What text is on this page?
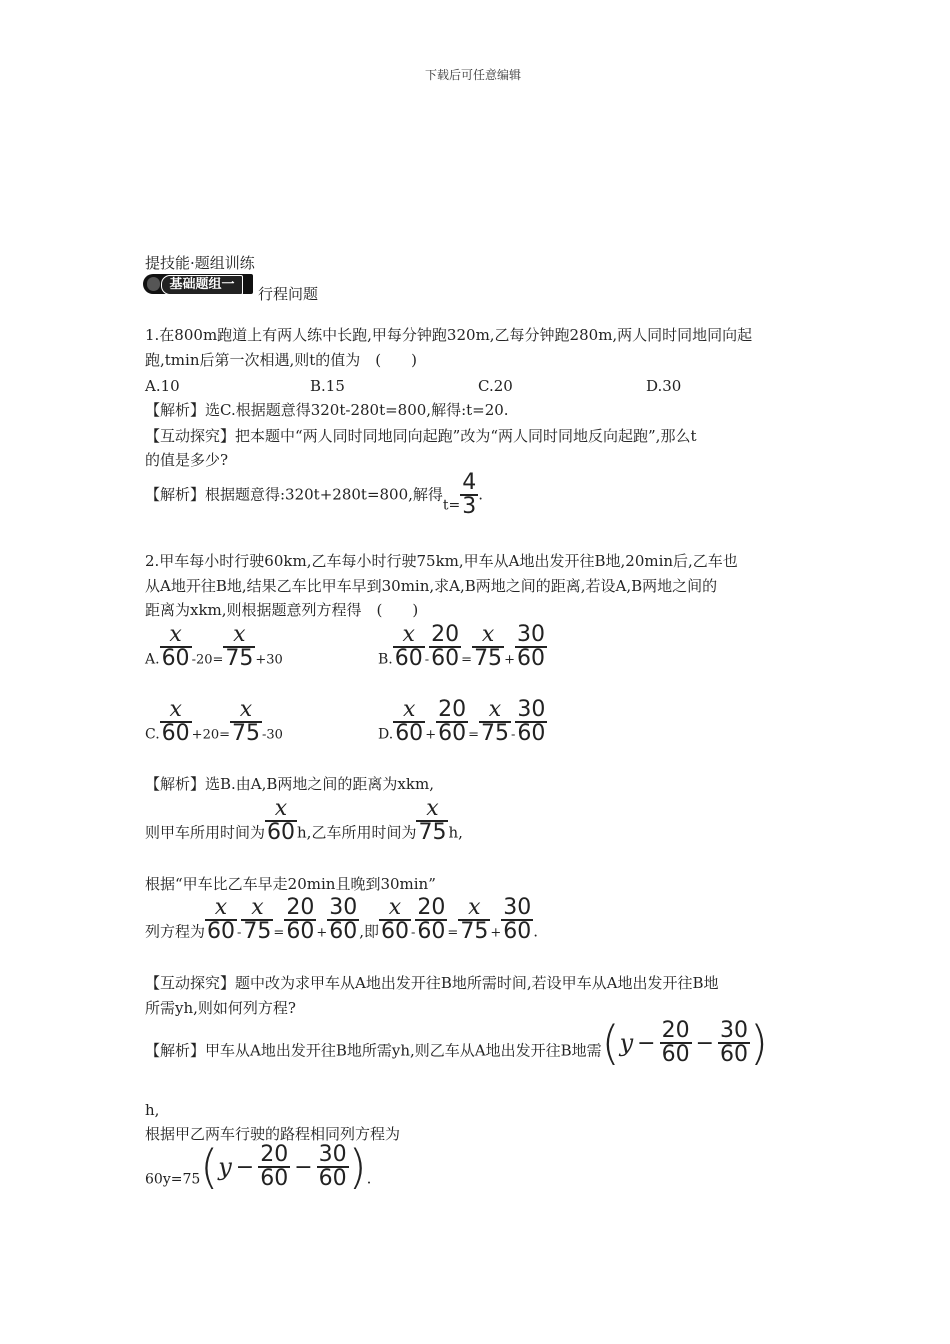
下载后可任意编辑
提技能·题组训练
基础题组一
行程问题
1.在800m跑道上有两人练中长跑,甲每分钟跑320m,乙每分钟跑280m,两人同时同地同向起
跑,tmin后第一次相遇,则t的值为　(　　)
A.10	B.15	C.20	D.30
【解析】选C.根据题意得320t-280t=800,解得:t=20.
【互动探究】把本题中“两人同时同地同向起跑”改为“两人同时同地反向起跑”,那么t
的值是多少?
【解析】根据题意得:320t+280t=800,解得$t= \frac{4}{3}$ .
2.甲车每小时行驶60km,乙车每小时行驶75km,甲车从A地出发开往B地,20min后,乙车也
从A地开往B地,结果乙车比甲车早到30min,求A,B两地之间的距离,若设A,B两地之间的
距离为xkm,则根据题意列方程得　(　　)
A. $\frac{x}{60} _{-20=} \frac{x}{75} _{+30}$	B. $\frac{x}{60} _- \frac{20}{60} _= \frac{x}{75} _+ \frac{30}{60}$
C. $\frac{x}{60} _{+20=} \frac{x}{75} _{-30}$	D. $\frac{x}{60} _+ \frac{20}{60} _= \frac{x}{75} _- \frac{30}{60}$
【解析】选B.由A,B两地之间的距离为xkm,
则甲车所用时间为 $\frac{x}{60} h$,乙车所用时间为 $\frac{x}{75} h$,
根据“甲车比乙车早走20min且晚到30min”
列方程为 $\frac{x}{60} _- \frac{x}{75} _= \frac{20}{60} _+ \frac{30}{60}$ ,即 $\frac{x}{60} _- \frac{20}{60} _= \frac{x}{75} _+ \frac{30}{60}$ .
【互动探究】题中改为求甲车从A地出发开往B地所需时间,若设甲车从A地出发开往B地
所需yh,则如何列方程?
【解析】甲车从A地出发开往B地所需yh,则乙车从A地出发开往B地需($y - \frac{20}{60} - \frac{30}{60}$ )
h,
根据甲乙两车行驶的路程相同列方程为
$60y=75(y - \frac{20}{60} - \frac{30}{60}$ ).
